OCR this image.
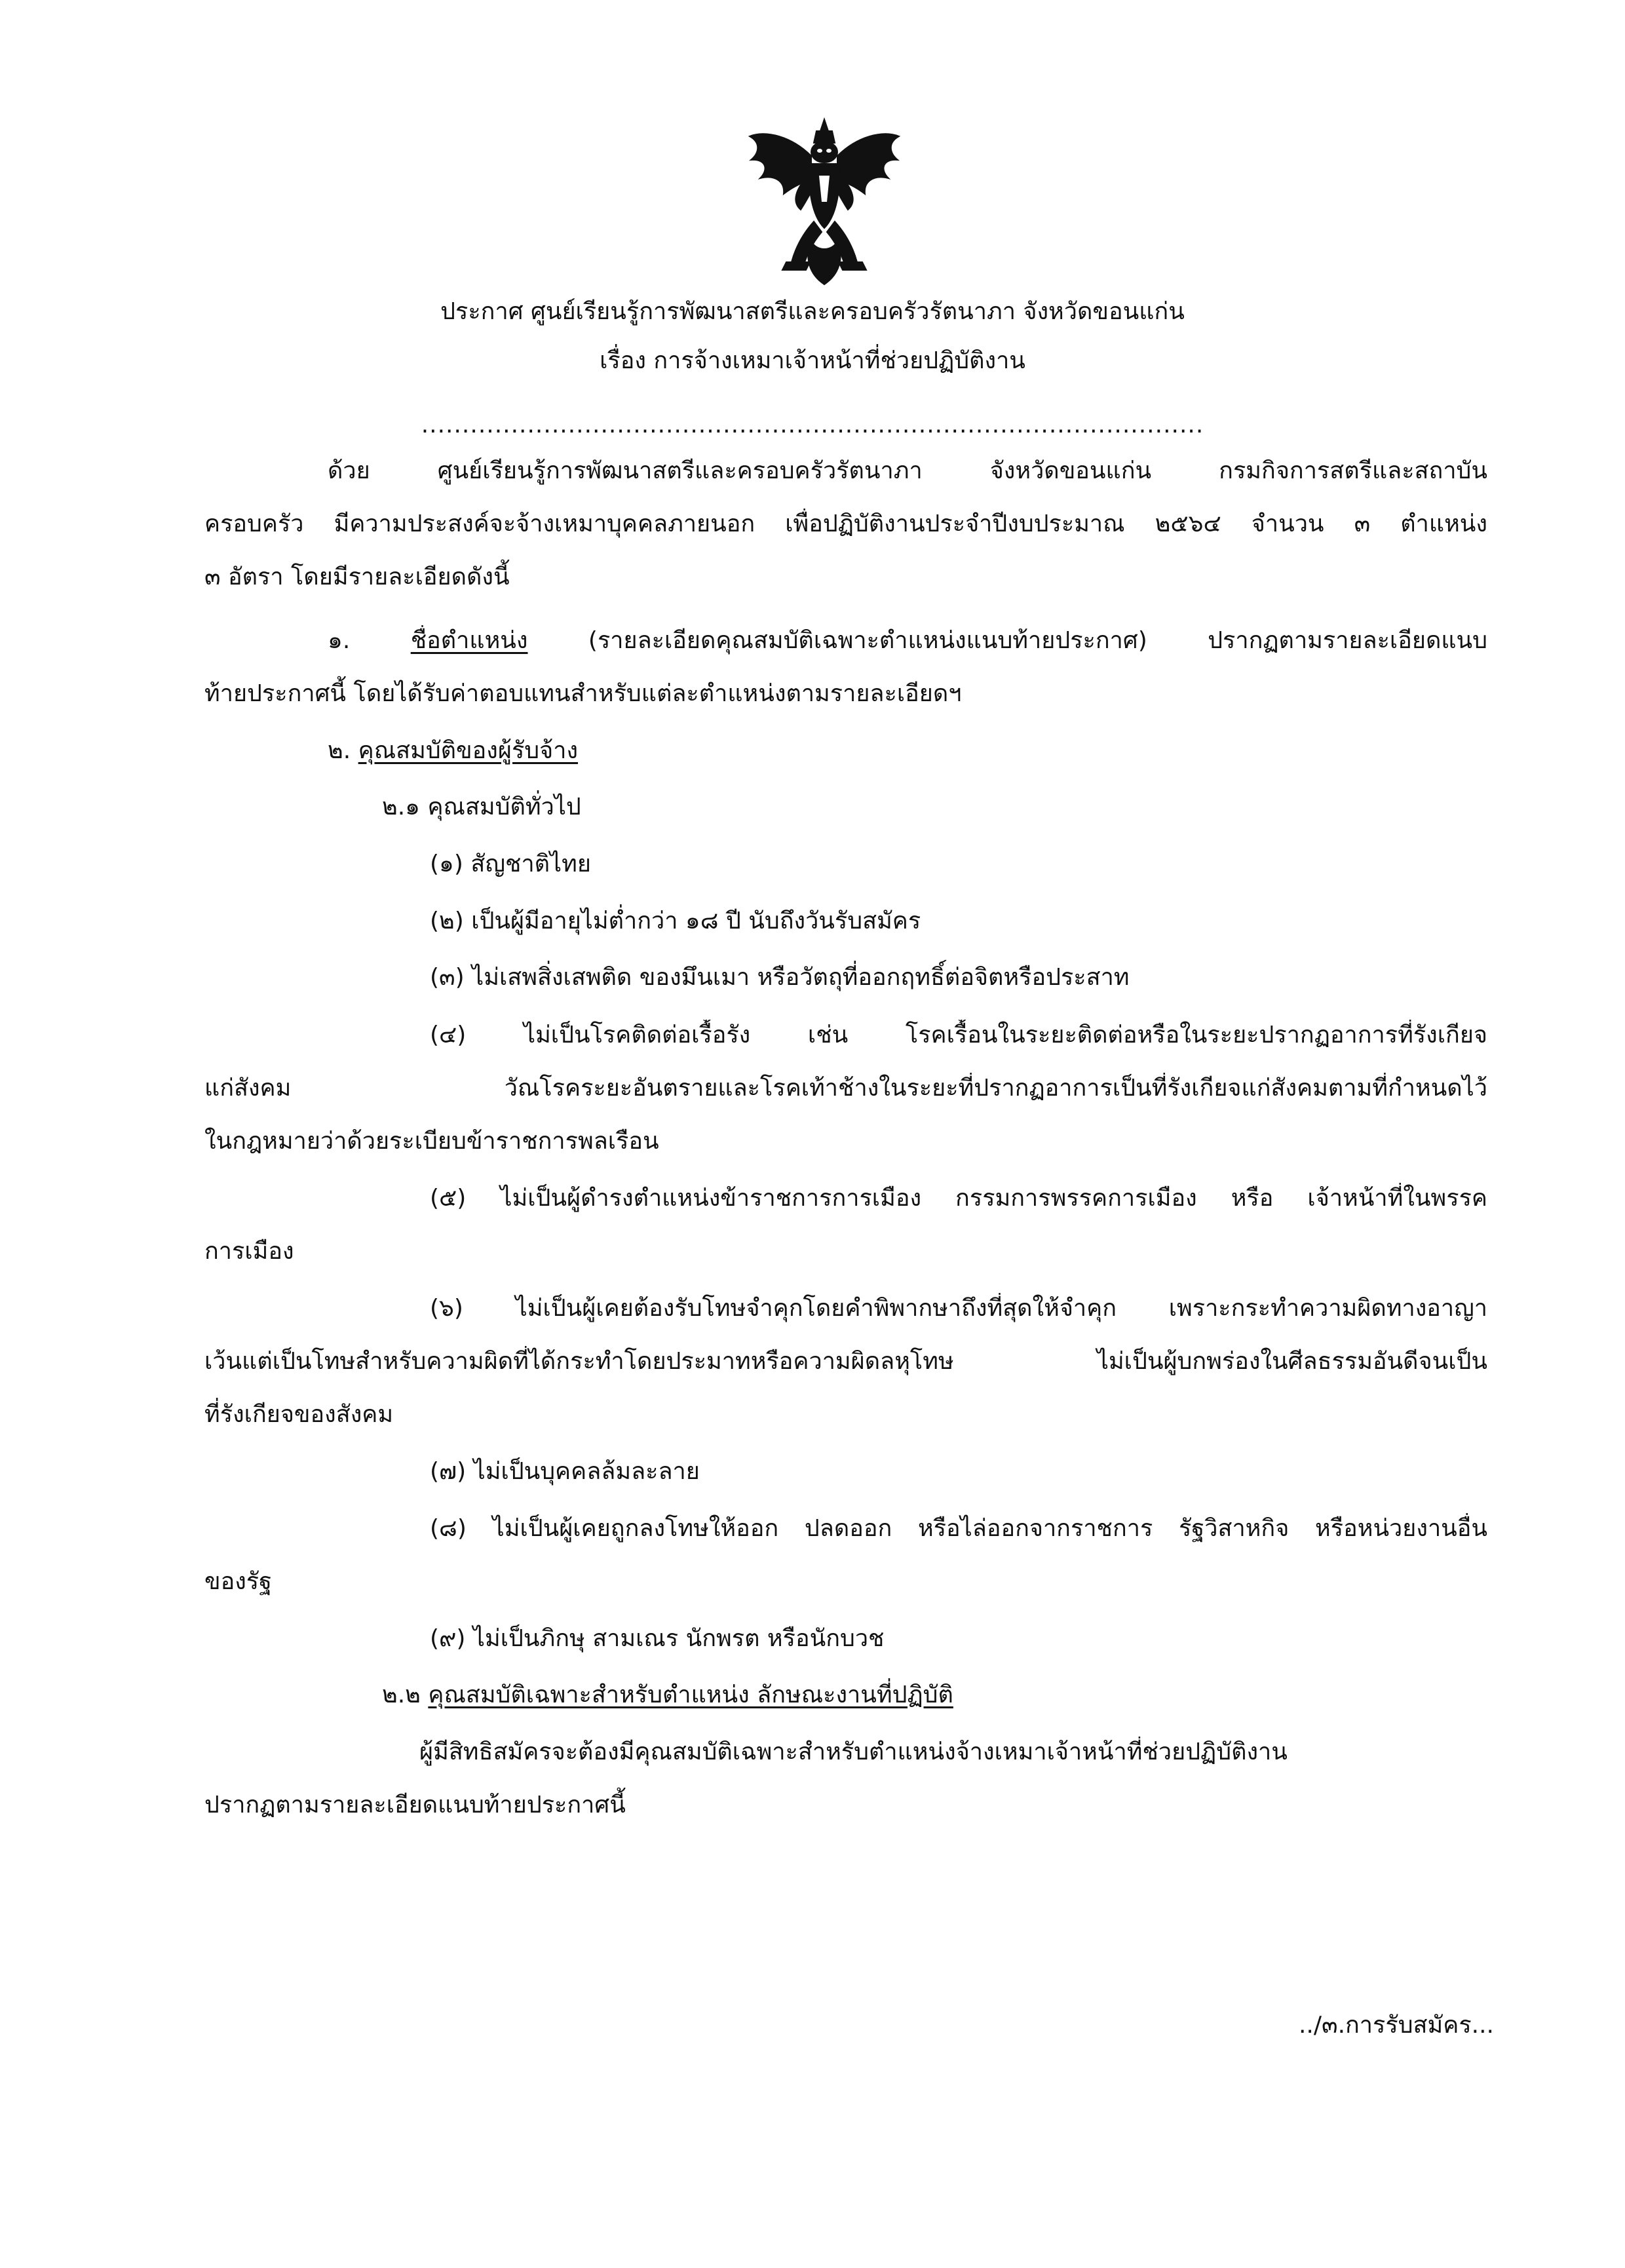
ประกาศ ศูนย์เรียนรู้การพัฒนาสตรีและครอบครัวรัตนาภา จังหวัดขอนแก่น
เรื่อง การจ้างเหมาเจ้าหน้าที่ช่วยปฏิบัติงาน
................................................................................................
ด้วย ศูนย์เรียนรู้การพัฒนาสตรีและครอบครัวรัตนาภา จังหวัดขอนแก่น กรมกิจการสตรีและสถาบัน
ครอบครัว มีความประสงค์จะจ้างเหมาบุคคลภายนอก เพื่อปฏิบัติงานประจำปีงบประมาณ ๒๕๖๔ จำนวน ๓ ตำแหน่ง
๓ อัตรา โดยมีรายละเอียดดังนี้
๑.	ชื่อตำแหน่ง (รายละเอียดคุณสมบัติเฉพาะตำแหน่งแนบท้ายประกาศ) ปรากฏตามรายละเอียดแนบ
ท้ายประกาศนี้ โดยได้รับค่าตอบแทนสำหรับแต่ละตำแหน่งตามรายละเอียดฯ
๒. คุณสมบัติของผู้รับจ้าง
๒.๑ คุณสมบัติทั่วไป
(๑) สัญชาติไทย
(๒) เป็นผู้มีอายุไม่ต่ำกว่า ๑๘ ปี นับถึงวันรับสมัคร
(๓) ไม่เสพสิ่งเสพติด ของมึนเมา หรือวัตถุที่ออกฤทธิ์ต่อจิตหรือประสาท
(๔) ไม่เป็นโรคติดต่อเรื้อรัง เช่น โรคเรื้อนในระยะติดต่อหรือในระยะปรากฏอาการที่รังเกียจ
แก่สังคม วัณโรคระยะอันตรายและโรคเท้าช้างในระยะที่ปรากฏอาการเป็นที่รังเกียจแก่สังคมตามที่กำหนดไว้
ในกฎหมายว่าด้วยระเบียบข้าราชการพลเรือน
(๕) ไม่เป็นผู้ดำรงตำแหน่งข้าราชการการเมือง กรรมการพรรคการเมือง หรือ เจ้าหน้าที่ในพรรค
การเมือง
(๖) ไม่เป็นผู้เคยต้องรับโทษจำคุกโดยคำพิพากษาถึงที่สุดให้จำคุก เพราะกระทำความผิดทางอาญา
เว้นแต่เป็นโทษสำหรับความผิดที่ได้กระทำโดยประมาทหรือความผิดลหุโทษ ไม่เป็นผู้บกพร่องในศีลธรรมอันดีจนเป็น
ที่รังเกียจของสังคม
(๗) ไม่เป็นบุคคลล้มละลาย
(๘) ไม่เป็นผู้เคยถูกลงโทษให้ออก ปลดออก หรือไล่ออกจากราชการ รัฐวิสาหกิจ หรือหน่วยงานอื่น
ของรัฐ
(๙) ไม่เป็นภิกษุ สามเณร นักพรต หรือนักบวช
๒.๒ คุณสมบัติเฉพาะสำหรับตำแหน่ง ลักษณะงานที่ปฏิบัติ
ผู้มีสิทธิสมัครจะต้องมีคุณสมบัติเฉพาะสำหรับตำแหน่งจ้างเหมาเจ้าหน้าที่ช่วยปฏิบัติงาน
ปรากฏตามรายละเอียดแนบท้ายประกาศนี้
../๓.การรับสมัคร...
